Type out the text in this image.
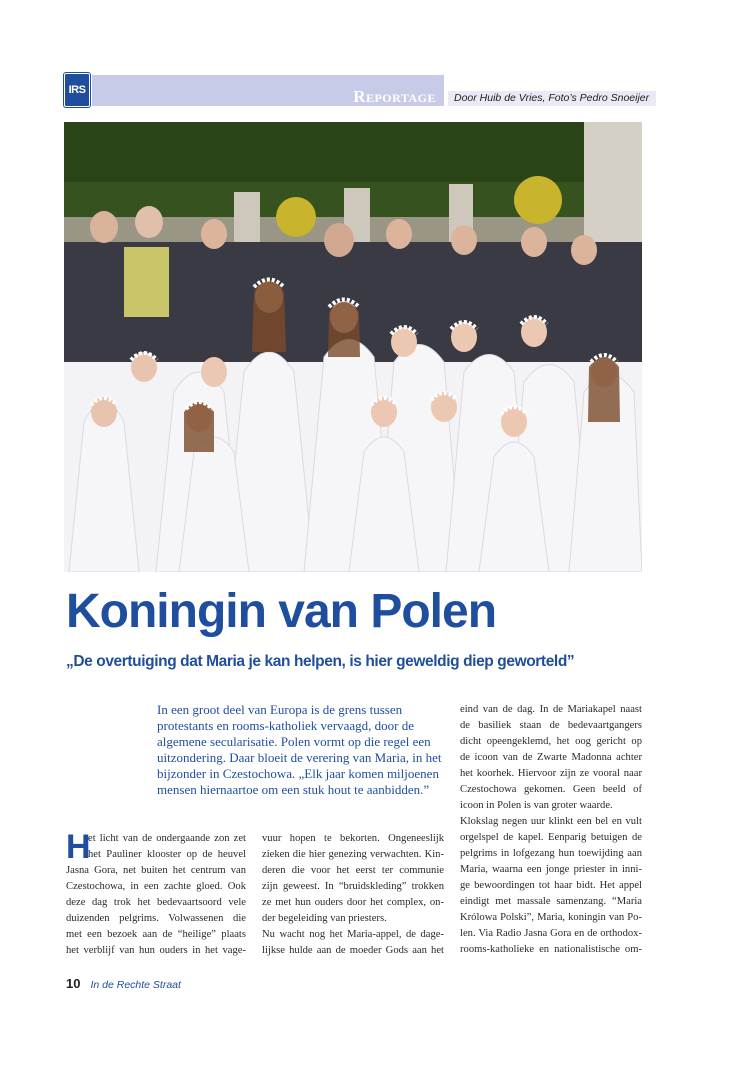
IRS	Reportage Door Huib de Vries, Foto’s Pedro Snoeijer
Koningin van Polen
„De overtuiging dat Maria je kan helpen, is hier geweldig diep geworteld”
In een groot deel van Europa is de grens tussen
protestants en rooms-katholiek vervaagd, door de
algemene secularisatie. Polen vormt op die regel een
uitzondering. Daar bloeit de verering van Maria, in het
bijzonder in Czestochowa. „Elk jaar komen miljoenen
mensen hiernaartoe om een stuk hout te aanbidden.”
H
et licht van de ondergaande zon zet
het Pauliner klooster op de heuvel
Jasna Gora, net buiten het centrum van
Czestochowa, in een zachte gloed. Ook
deze dag trok het bedevaartsoord vele
duizenden pelgrims. Volwassenen die
met een bezoek aan de “heilige” plaats
het verblijf van hun ouders in het vage-
vuur hopen te bekorten. Ongeneeslijk
zieken die hier genezing verwachten. Kin-
deren die voor het eerst ter communie
zijn geweest. In “bruidskleding” trokken
ze met hun ouders door het complex, on-
der begeleiding van priesters.
Nu wacht nog het Maria-appel, de dage-
lijkse hulde aan de moeder Gods aan het
eind van de dag. In de Mariakapel naast
de basiliek staan de bedevaartgangers
dicht opeengeklemd, het oog gericht op
de icoon van de Zwarte Madonna achter
het koorhek. Hiervoor zijn ze vooral naar
Czestochowa gekomen. Geen beeld of
icoon in Polen is van groter waarde.
Klokslag negen uur klinkt een bel en vult
orgelspel de kapel. Eenparig betuigen de
pelgrims in lofgezang hun toewijding aan
Maria, waarna een jonge priester in inni-
ge bewoordingen tot haar bidt. Het appel
eindigt met massale samenzang. “Maria
Królowa Polski”, Maria, koningin van Po-
len. Via Radio Jasna Gora en de orthodox-
rooms-katholieke en nationalistische om-
10 In de Rechte Straat
